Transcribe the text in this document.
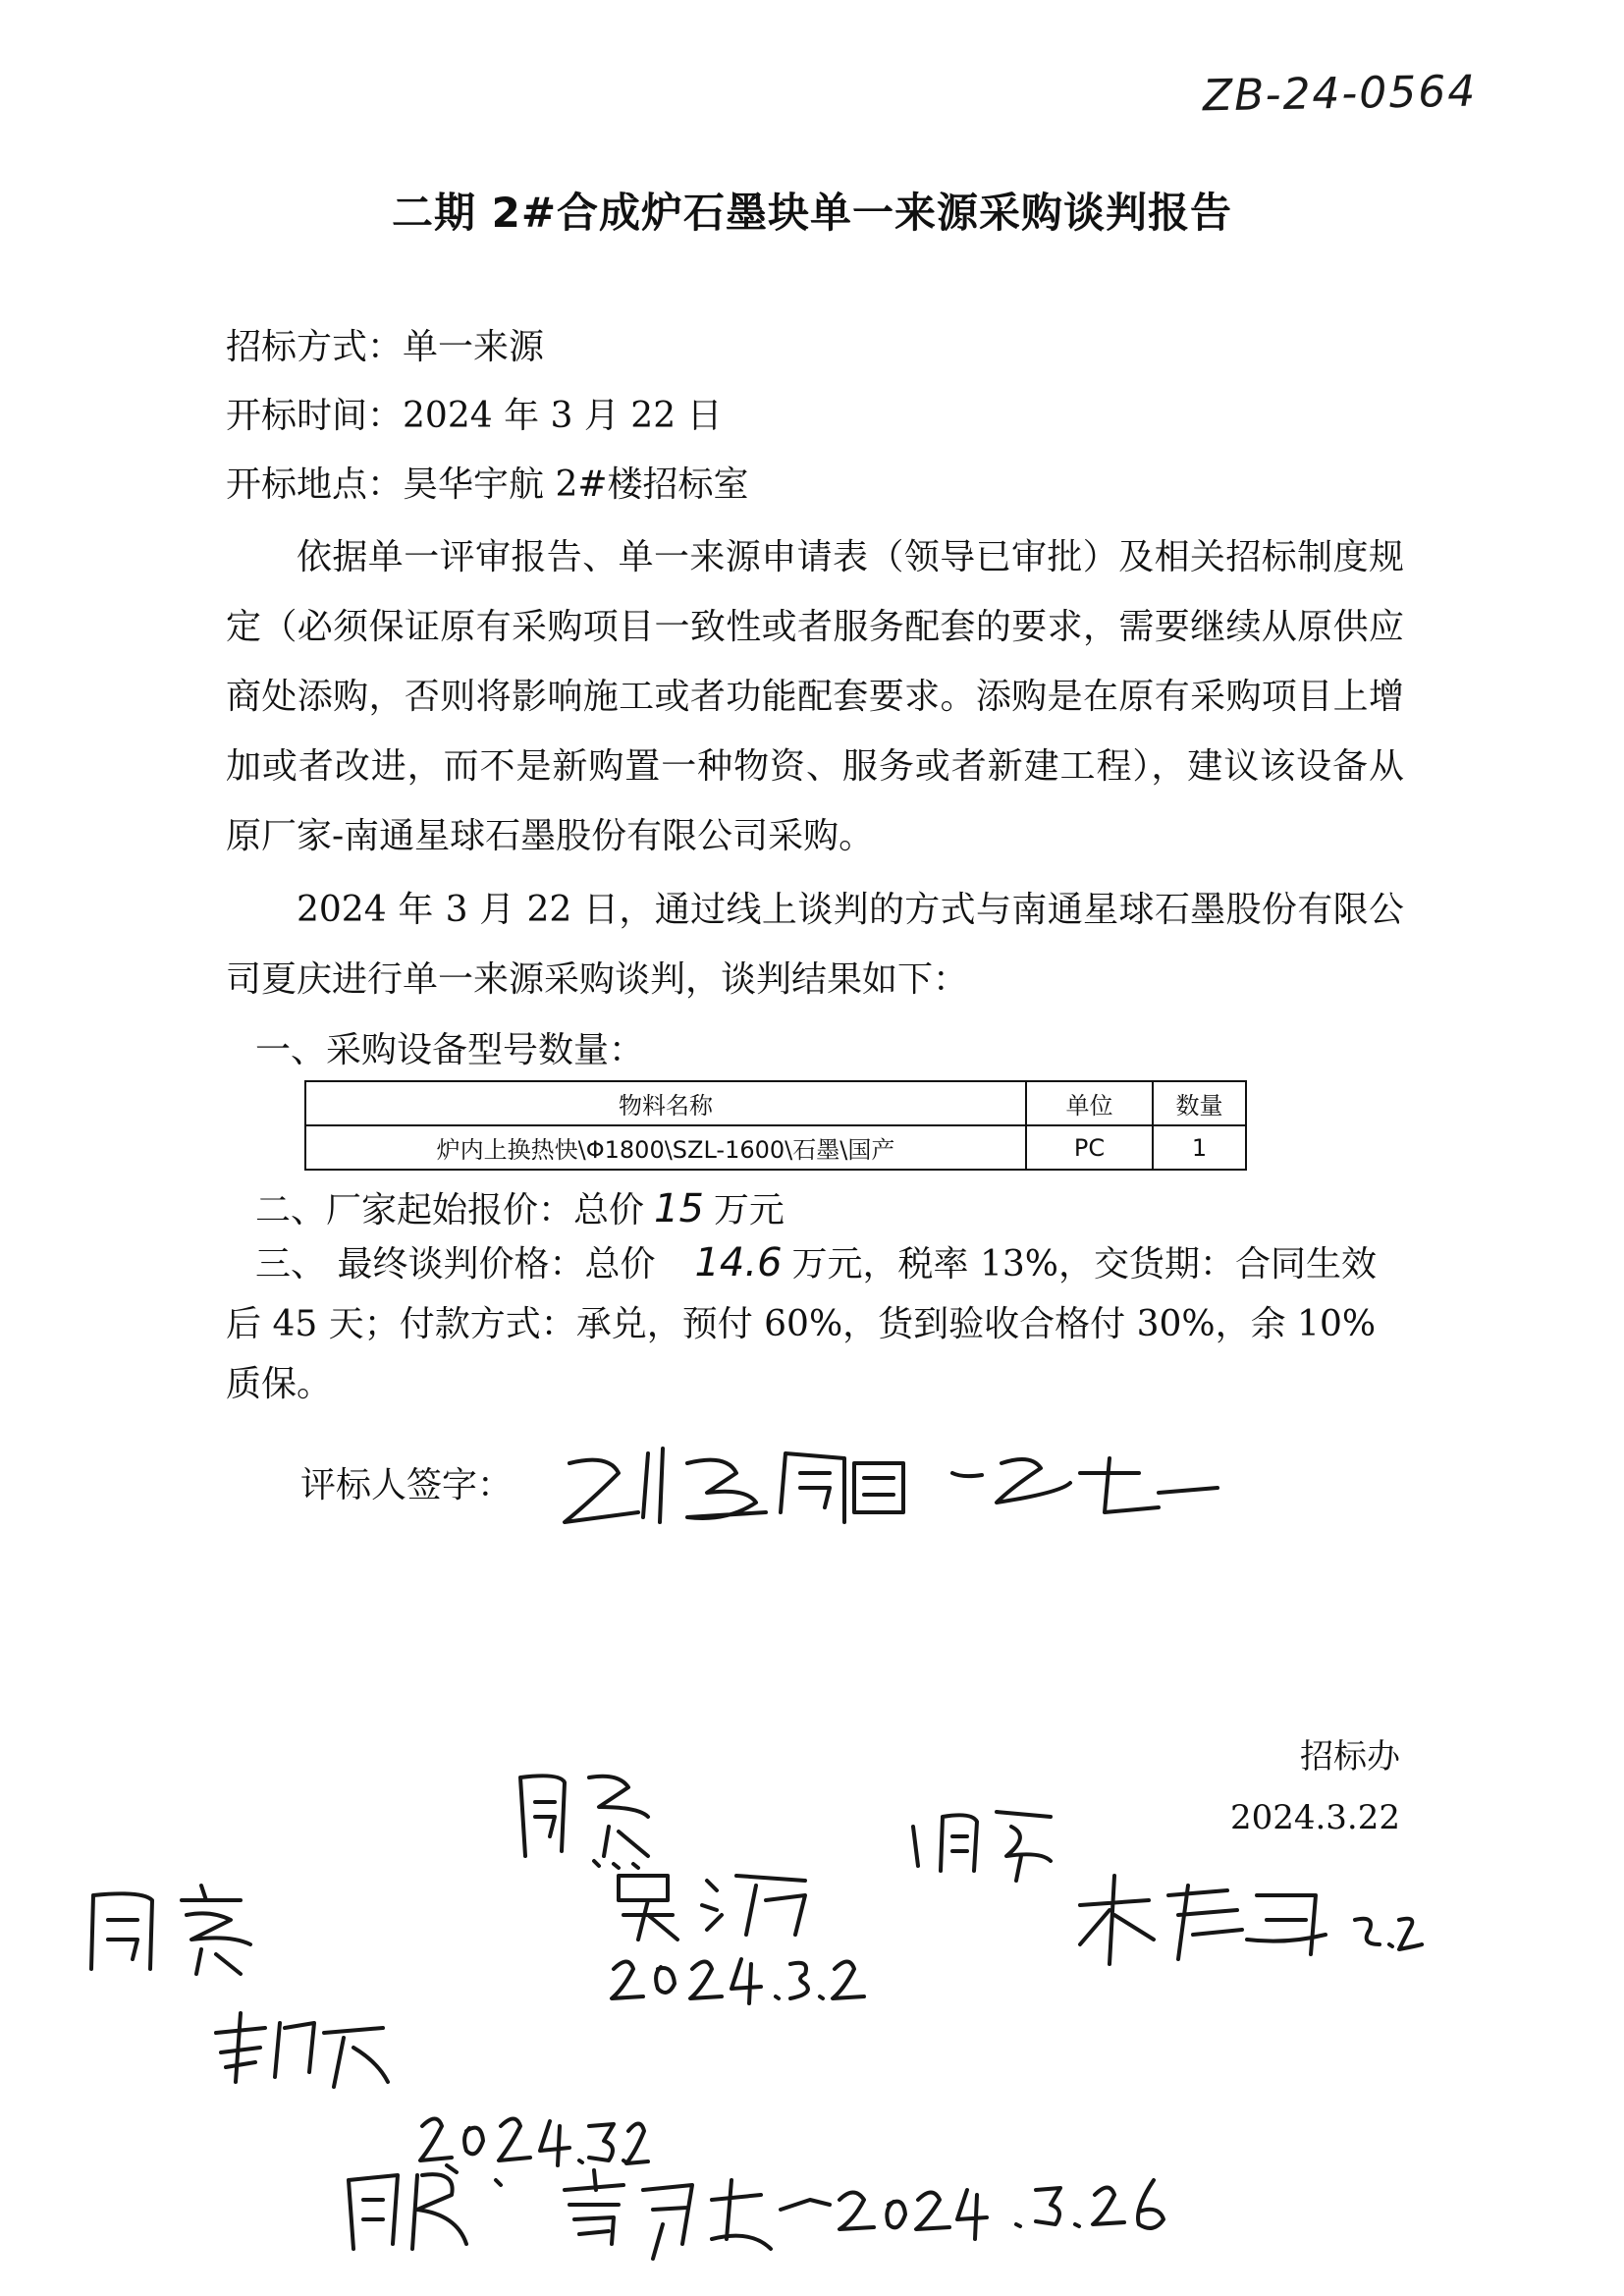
ZB-24-0564
二期 2#合成炉石墨块单一来源采购谈判报告
招标方式：单一来源
开标时间：2024 年 3 月 22 日
开标地点：昊华宇航 2#楼招标室

依据单一评审报告、单一来源申请表（领导已审批）及相关招标制度规定（必须保证原有采购项目一致性或者服务配套的要求，需要继续从原供应商处添购，否则将影响施工或者功能配套要求。添购是在原有采购项目上增加或者改进，而不是新购置一种物资、服务或者新建工程），建议该设备从原厂家-南通星球石墨股份有限公司采购。

2024 年 3 月 22 日，通过线上谈判的方式与南通星球石墨股份有限公司夏庆进行单一来源采购谈判，谈判结果如下：

一、采购设备型号数量：
物料名称	单位	数量
炉内上换热快\Φ1800\SZL-1600\石墨\国产	PC	1
二、厂家起始报价：总价 15 万元
三、 最终谈判价格：总价 14.6 万元，税率 13%，交货期：合同生效后 45 天；付款方式：承兑，预付 60%，货到验收合格付 30%，余 10%质保。
评标人签字：
招标办
2024.3.22
